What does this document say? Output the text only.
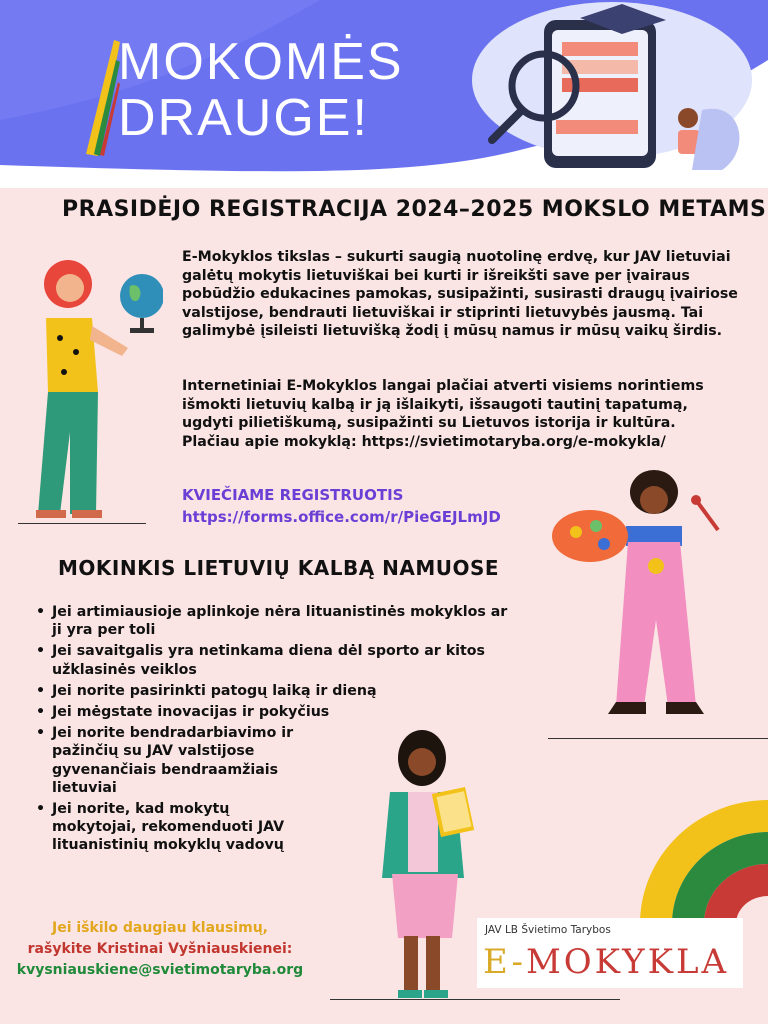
MOKOMĖS
DRAUGE!
PRASIDĖJO REGISTRACIJA 2024–2025 MOKSLO METAMS
E-Mokyklos tikslas – sukurti saugią nuotolinę erdvę, kur JAV lietuviai galėtų mokytis lietuviškai bei kurti ir išreikšti save per įvairaus pobūdžio edukacines pamokas, susipažinti, susirasti draugų įvairiose valstijose, bendrauti lietuviškai ir stiprinti lietuvybės jausmą. Tai galimybė įsileisti lietuvišką žodį į mūsų namus ir mūsų vaikų širdis.
Internetiniai E-Mokyklos langai plačiai atverti visiems norintiems išmokti lietuvių kalbą ir ją išlaikyti, išsaugoti tautinį tapatumą, ugdyti pilietiškumą, susipažinti su Lietuvos istorija ir kultūra.
Plačiau apie mokyklą: https://svietimotaryba.org/e-mokykla/
KVIEČIAME REGISTRUOTIS
https://forms.office.com/r/PieGEJLmJD
MOKINKIS LIETUVIŲ KALBĄ NAMUOSE
• Jei artimiausioje aplinkoje nėra lituanistinės mokyklos ar ji yra per toli
• Jei savaitgalis yra netinkama diena dėl sporto ar kitos užklasinės veiklos
• Jei norite pasirinkti patogų laiką ir dieną
• Jei mėgstate inovacijas ir pokyčius
• Jei norite bendradarbiavimo ir pažinčių su JAV valstijose gyvenančiais bendraamžiais lietuviai
• Jei norite, kad mokytų mokytojai, rekomenduoti JAV lituanistinių mokyklų vadovų
Jei iškilo daugiau klausimų,
rašykite Kristinai Vyšniauskienei:
kvysniauskiene@svietimotaryba.org
JAV LB Švietimo Tarybos
E-MOKYKLA
